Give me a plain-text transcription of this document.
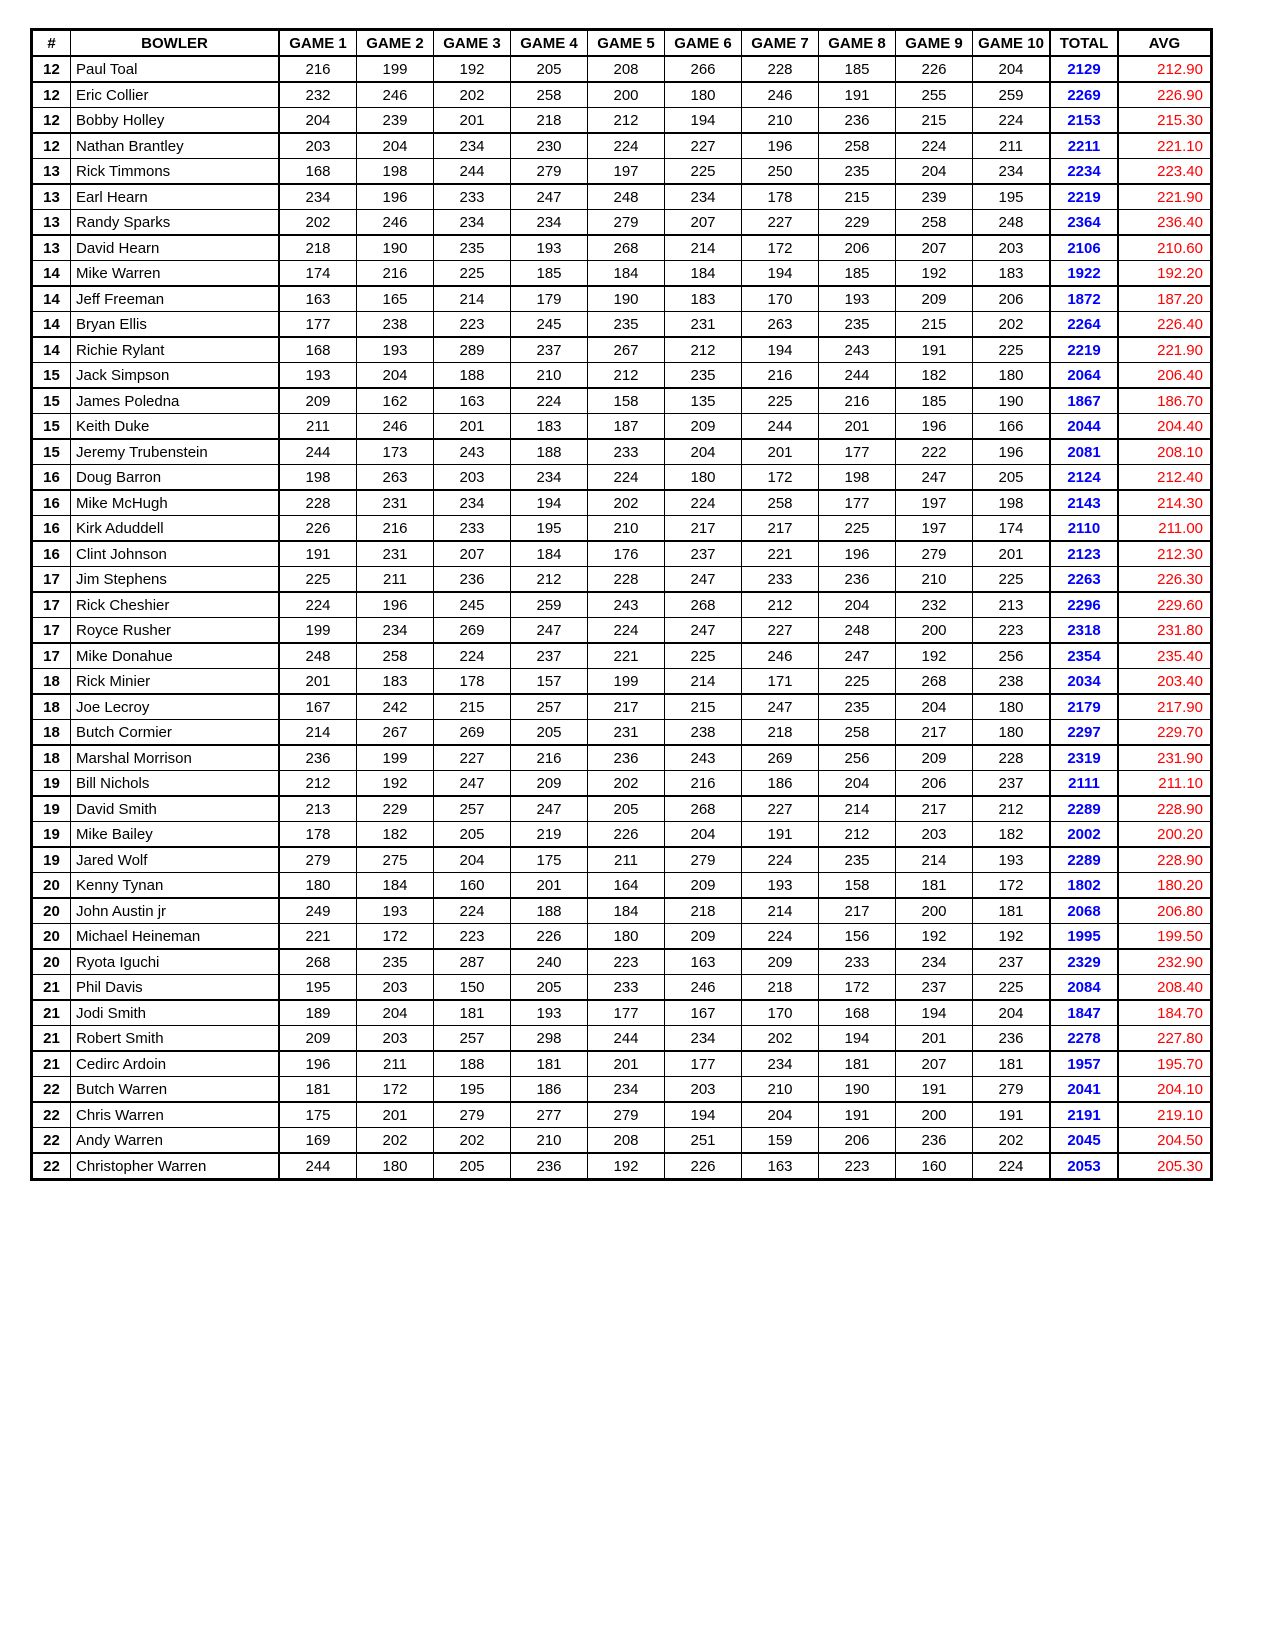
#	BOWLER	GAME 1	GAME 2	GAME 3	GAME 4	GAME 5	GAME 6	GAME 7	GAME 8	GAME 9	GAME 10	TOTAL	AVG
12	Paul Toal	216	199	192	205	208	266	228	185	226	204	2129	212.90
12	Eric Collier	232	246	202	258	200	180	246	191	255	259	2269	226.90
12	Bobby Holley	204	239	201	218	212	194	210	236	215	224	2153	215.30
12	Nathan Brantley	203	204	234	230	224	227	196	258	224	211	2211	221.10
13	Rick Timmons	168	198	244	279	197	225	250	235	204	234	2234	223.40
13	Earl Hearn	234	196	233	247	248	234	178	215	239	195	2219	221.90
13	Randy Sparks	202	246	234	234	279	207	227	229	258	248	2364	236.40
13	David Hearn	218	190	235	193	268	214	172	206	207	203	2106	210.60
14	Mike Warren	174	216	225	185	184	184	194	185	192	183	1922	192.20
14	Jeff Freeman	163	165	214	179	190	183	170	193	209	206	1872	187.20
14	Bryan Ellis	177	238	223	245	235	231	263	235	215	202	2264	226.40
14	Richie Rylant	168	193	289	237	267	212	194	243	191	225	2219	221.90
15	Jack Simpson	193	204	188	210	212	235	216	244	182	180	2064	206.40
15	James Poledna	209	162	163	224	158	135	225	216	185	190	1867	186.70
15	Keith Duke	211	246	201	183	187	209	244	201	196	166	2044	204.40
15	Jeremy Trubenstein	244	173	243	188	233	204	201	177	222	196	2081	208.10
16	Doug Barron	198	263	203	234	224	180	172	198	247	205	2124	212.40
16	Mike McHugh	228	231	234	194	202	224	258	177	197	198	2143	214.30
16	Kirk Aduddell	226	216	233	195	210	217	217	225	197	174	2110	211.00
16	Clint Johnson	191	231	207	184	176	237	221	196	279	201	2123	212.30
17	Jim Stephens	225	211	236	212	228	247	233	236	210	225	2263	226.30
17	Rick Cheshier	224	196	245	259	243	268	212	204	232	213	2296	229.60
17	Royce Rusher	199	234	269	247	224	247	227	248	200	223	2318	231.80
17	Mike Donahue	248	258	224	237	221	225	246	247	192	256	2354	235.40
18	Rick Minier	201	183	178	157	199	214	171	225	268	238	2034	203.40
18	Joe Lecroy	167	242	215	257	217	215	247	235	204	180	2179	217.90
18	Butch Cormier	214	267	269	205	231	238	218	258	217	180	2297	229.70
18	Marshal Morrison	236	199	227	216	236	243	269	256	209	228	2319	231.90
19	Bill Nichols	212	192	247	209	202	216	186	204	206	237	2111	211.10
19	David Smith	213	229	257	247	205	268	227	214	217	212	2289	228.90
19	Mike Bailey	178	182	205	219	226	204	191	212	203	182	2002	200.20
19	Jared Wolf	279	275	204	175	211	279	224	235	214	193	2289	228.90
20	Kenny Tynan	180	184	160	201	164	209	193	158	181	172	1802	180.20
20	John Austin jr	249	193	224	188	184	218	214	217	200	181	2068	206.80
20	Michael Heineman	221	172	223	226	180	209	224	156	192	192	1995	199.50
20	Ryota Iguchi	268	235	287	240	223	163	209	233	234	237	2329	232.90
21	Phil Davis	195	203	150	205	233	246	218	172	237	225	2084	208.40
21	Jodi Smith	189	204	181	193	177	167	170	168	194	204	1847	184.70
21	Robert Smith	209	203	257	298	244	234	202	194	201	236	2278	227.80
21	Cedirc Ardoin	196	211	188	181	201	177	234	181	207	181	1957	195.70
22	Butch Warren	181	172	195	186	234	203	210	190	191	279	2041	204.10
22	Chris Warren	175	201	279	277	279	194	204	191	200	191	2191	219.10
22	Andy Warren	169	202	202	210	208	251	159	206	236	202	2045	204.50
22	Christopher Warren	244	180	205	236	192	226	163	223	160	224	2053	205.30
